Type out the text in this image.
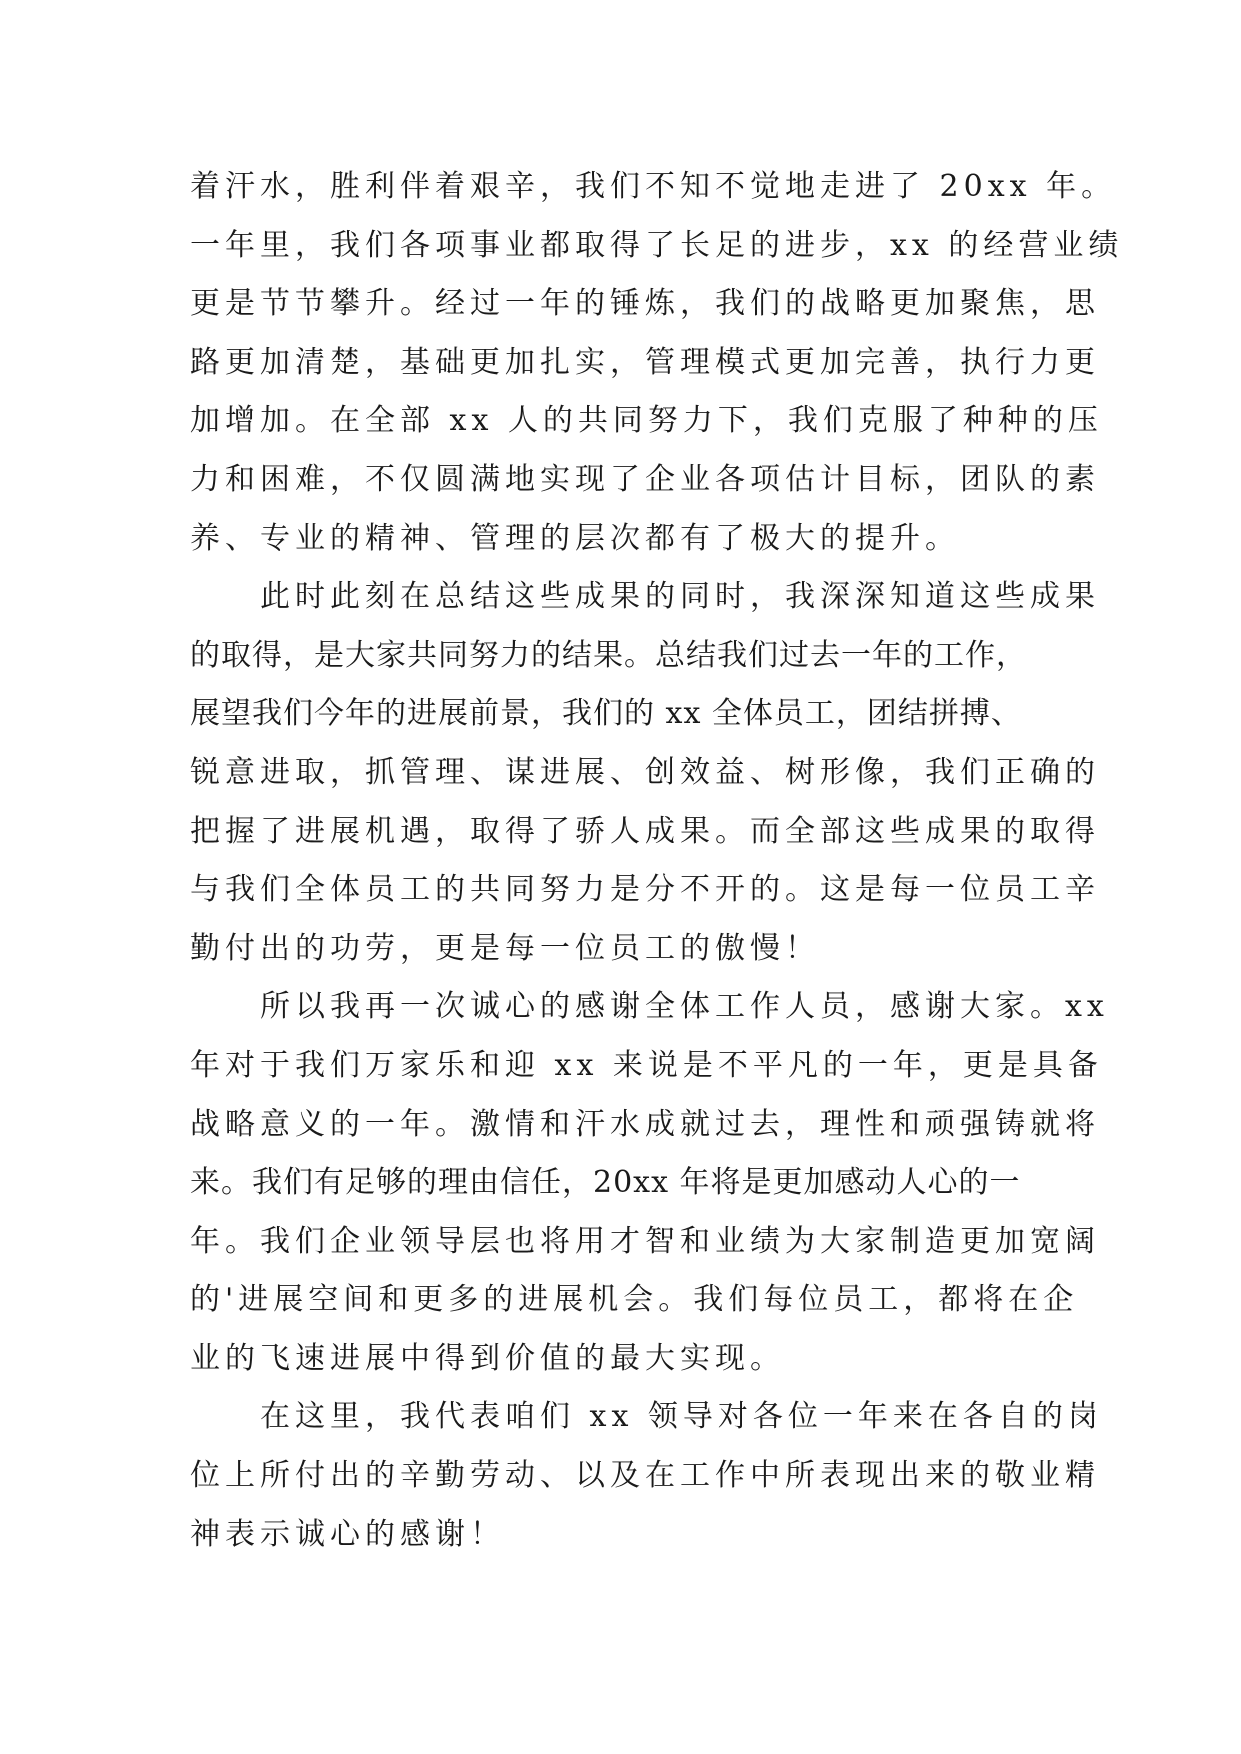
着汗水，胜利伴着艰辛，我们不知不觉地走进了 20xx 年。
一年里，我们各项事业都取得了长足的进步，xx 的经营业绩
更是节节攀升。经过一年的锤炼，我们的战略更加聚焦，思
路更加清楚，基础更加扎实，管理模式更加完善，执行力更
加增加。在全部 xx 人的共同努力下，我们克服了种种的压
力和困难，不仅圆满地实现了企业各项估计目标，团队的素
养、专业的精神、管理的层次都有了极大的提升。
　　此时此刻在总结这些成果的同时，我深深知道这些成果
的取得，是大家共同努力的结果。总结我们过去一年的工作，
展望我们今年的进展前景，我们的 xx 全体员工，团结拼搏、
锐意进取，抓管理、谋进展、创效益、树形像，我们正确的
把握了进展机遇，取得了骄人成果。而全部这些成果的取得
与我们全体员工的共同努力是分不开的。这是每一位员工辛
勤付出的功劳，更是每一位员工的傲慢！
　　所以我再一次诚心的感谢全体工作人员，感谢大家。xx
年对于我们万家乐和迎 xx 来说是不平凡的一年，更是具备
战略意义的一年。激情和汗水成就过去，理性和顽强铸就将
来。我们有足够的理由信任，20xx 年将是更加感动人心的一
年。我们企业领导层也将用才智和业绩为大家制造更加宽阔
的'进展空间和更多的进展机会。我们每位员工，都将在企
业的飞速进展中得到价值的最大实现。
　　在这里，我代表咱们 xx 领导对各位一年来在各自的岗
位上所付出的辛勤劳动、以及在工作中所表现出来的敬业精
神表示诚心的感谢！
